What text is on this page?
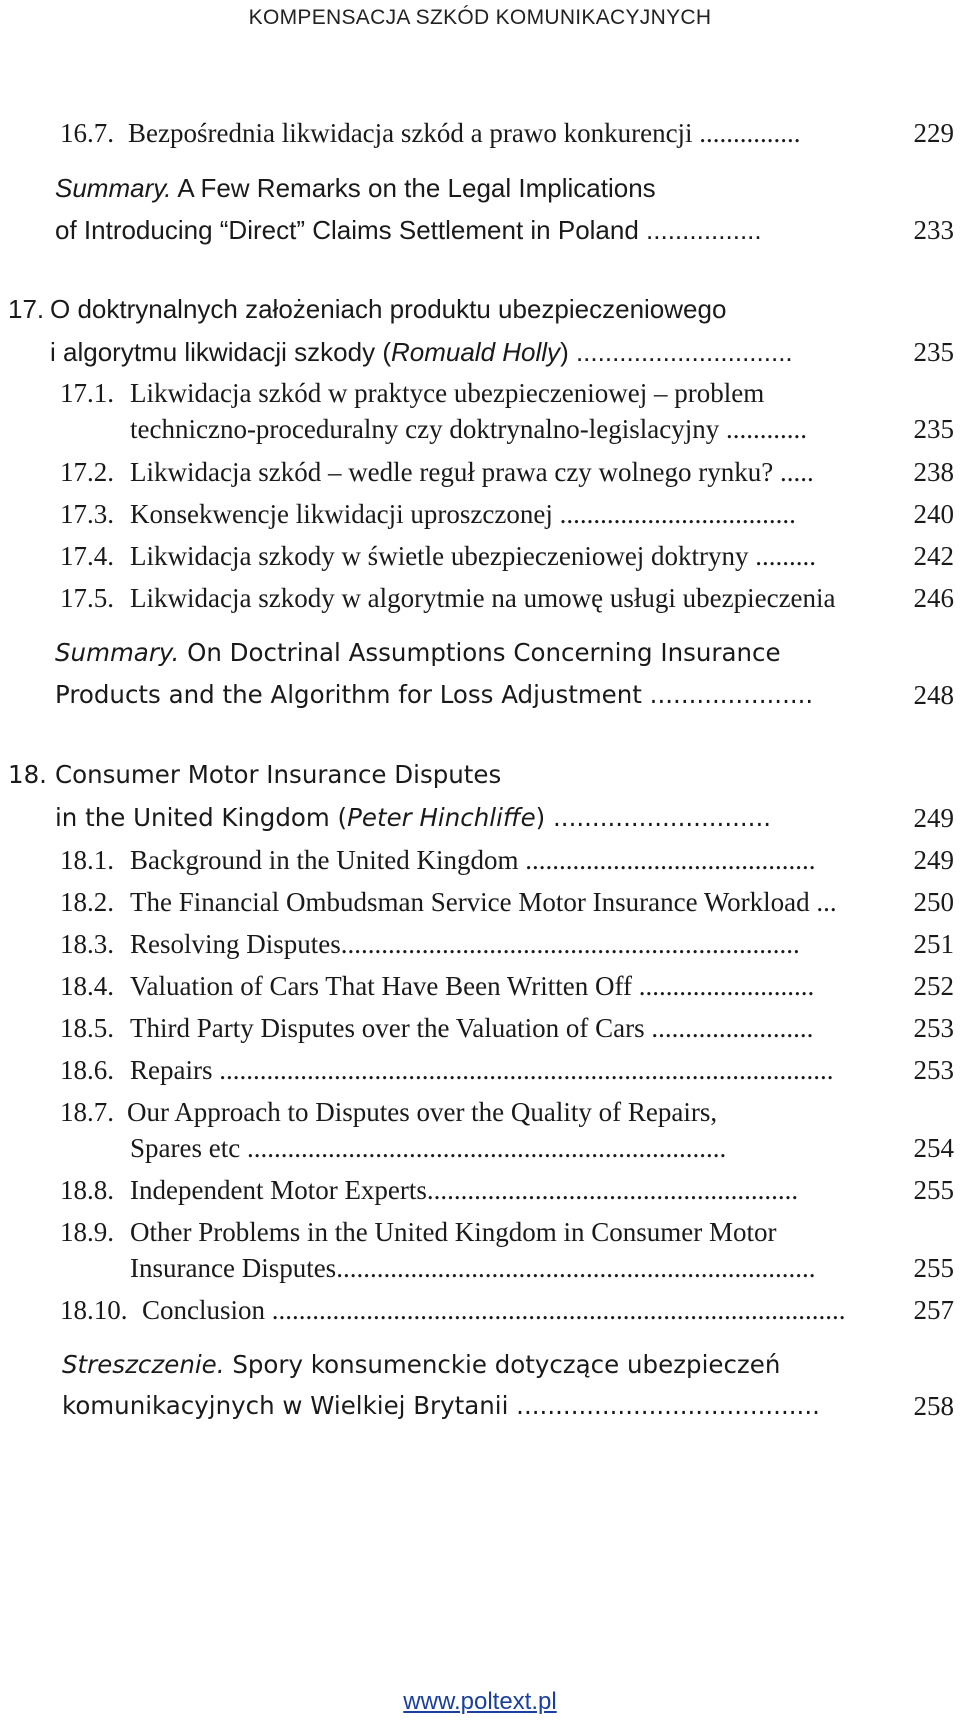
KOMPENSACJA SZKÓD KOMUNIKACYJNYCH
16.7. Bezpośrednia likwidacja szkód a prawo konkurencji ...............	229
Summary. A Few Remarks on the Legal Implications
of Introducing “Direct” Claims Settlement in Poland ................	233
17. O doktrynalnych założeniach produktu ubezpieczeniowego
i algorytmu likwidacji szkody (Romuald Holly) ..............................	235
17.1. Likwidacja szkód w praktyce ubezpieczeniowej – problem
techniczno-proceduralny czy doktrynalno-legislacyjny ............	235
17.2. Likwidacja szkód – wedle reguł prawa czy wolnego rynku? .....	238
17.3. Konsekwencje likwidacji uproszczonej ...................................	240
17.4. Likwidacja szkody w świetle ubezpieczeniowej doktryny .........	242
17.5. Likwidacja szkody w algorytmie na umowę usługi ubezpieczenia	246
Summary. On Doctrinal Assumptions Concerning Insurance
Products and the Algorithm for Loss Adjustment .....................	248
18. Consumer Motor Insurance Disputes
in the United Kingdom (Peter Hinchliffe) ............................	249
18.1. Background in the United Kingdom ...........................................	249
18.2. The Financial Ombudsman Service Motor Insurance Workload ...	250
18.3. Resolving Disputes....................................................................	251
18.4. Valuation of Cars That Have Been Written Off ..........................	252
18.5. Third Party Disputes over the Valuation of Cars ........................	253
18.6. Repairs ...........................................................................................	253
18.7. Our Approach to Disputes over the Quality of Repairs,
Spares etc .......................................................................	254
18.8. Independent Motor Experts.......................................................	255
18.9. Other Problems in the United Kingdom in Consumer Motor
Insurance Disputes.......................................................................	255
18.10. Conclusion .....................................................................................	257
Streszczenie. Spory konsumenckie dotyczące ubezpieczeń
komunikacyjnych w Wielkiej Brytanii .......................................	258
www.poltext.pl
